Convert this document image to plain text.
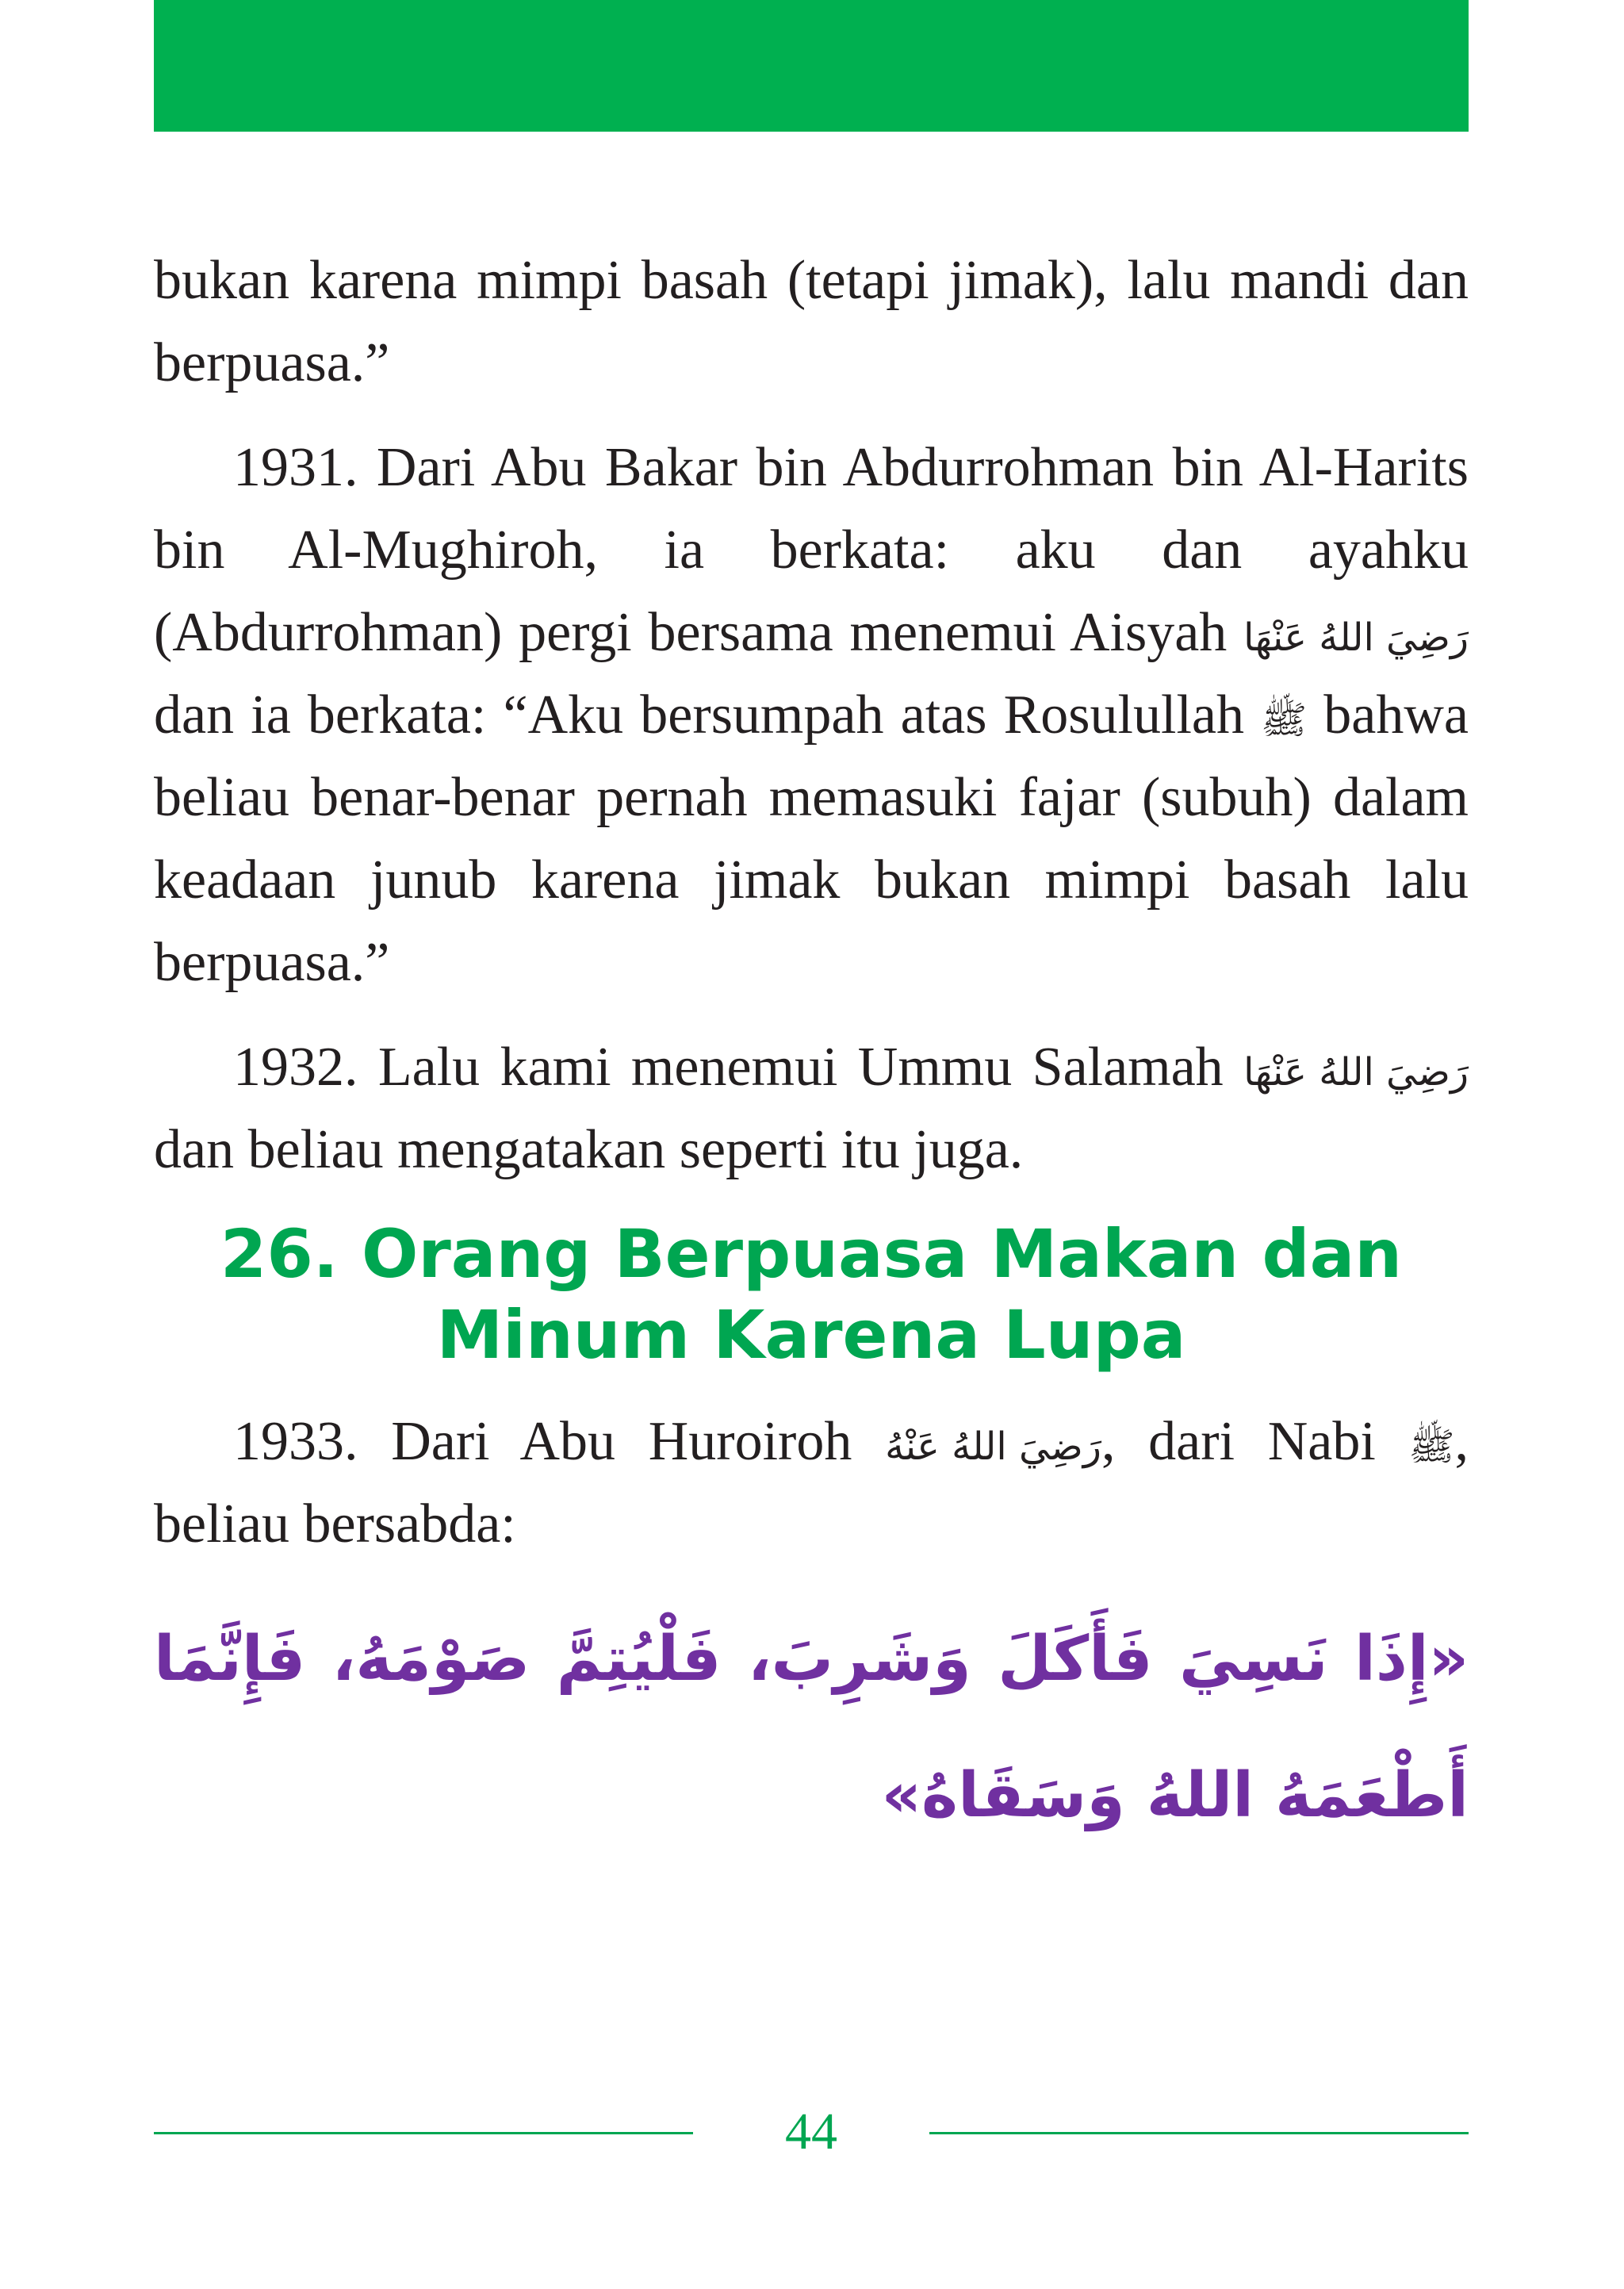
bukan karena mimpi basah (tetapi jimak), lalu mandi dan berpuasa.”

1931. Dari Abu Bakar bin Abdurrohman bin Al-Harits bin Al-Mughiroh, ia berkata: aku dan ayahku (Abdurrohman) pergi bersama menemui Aisyah رَضِيَ اللهُ عَنْهَا dan ia berkata: “Aku bersumpah atas Rosulullah ﷺ bahwa beliau benar-benar pernah memasuki fajar (subuh) dalam keadaan junub karena jimak bukan mimpi basah lalu berpuasa.”

1932. Lalu kami menemui Ummu Salamah رَضِيَ اللهُ عَنْهَا dan beliau mengatakan seperti itu juga.

26. Orang Berpuasa Makan dan
Minum Karena Lupa

1933. Dari Abu Huroiroh رَضِيَ اللهُ عَنْهُ, dari Nabi ﷺ, beliau bersabda:

«إِذَا نَسِيَ فَأَكَلَ وَشَرِبَ، فَلْيُتِمَّ صَوْمَهُ، فَإِنَّمَا أَطْعَمَهُ اللهُ وَسَقَاهُ»

44
